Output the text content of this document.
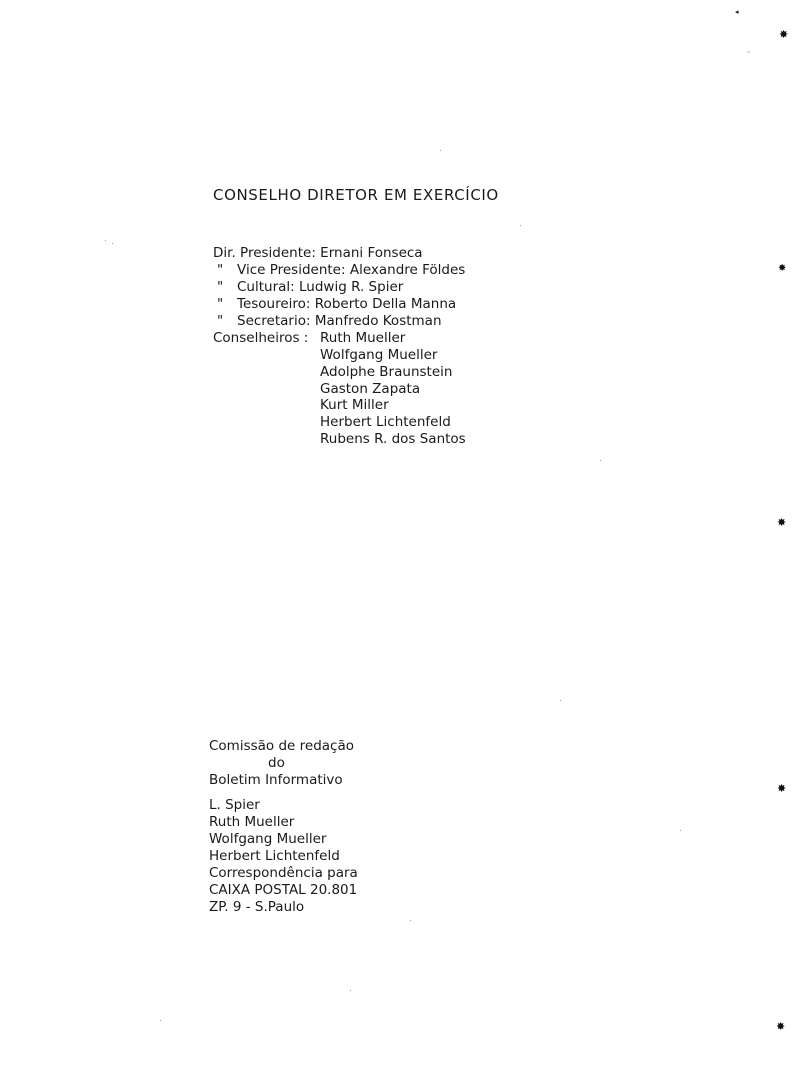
CONSELHO DIRETOR EM EXERCÍCIO
Dir. Presidente: Ernani Fonseca
" Vice Presidente: Alexandre Földes
" Cultural: Ludwig R. Spier
" Tesoureiro: Roberto Della Manna
" Secretario: Manfredo Kostman
Conselheiros : Ruth Mueller
Wolfgang Mueller
Adolphe Braunstein
Gaston Zapata
Kurt Miller
Herbert Lichtenfeld
Rubens R. dos Santos
Comissão de redação
do
Boletim Informativo
L. Spier
Ruth Mueller
Wolfgang Mueller
Herbert Lichtenfeld
Correspondência para
CAIXA POSTAL 20.801
ZP. 9 - S.Paulo
✸
✸
✸
✸
✸
◂
ᵕ
